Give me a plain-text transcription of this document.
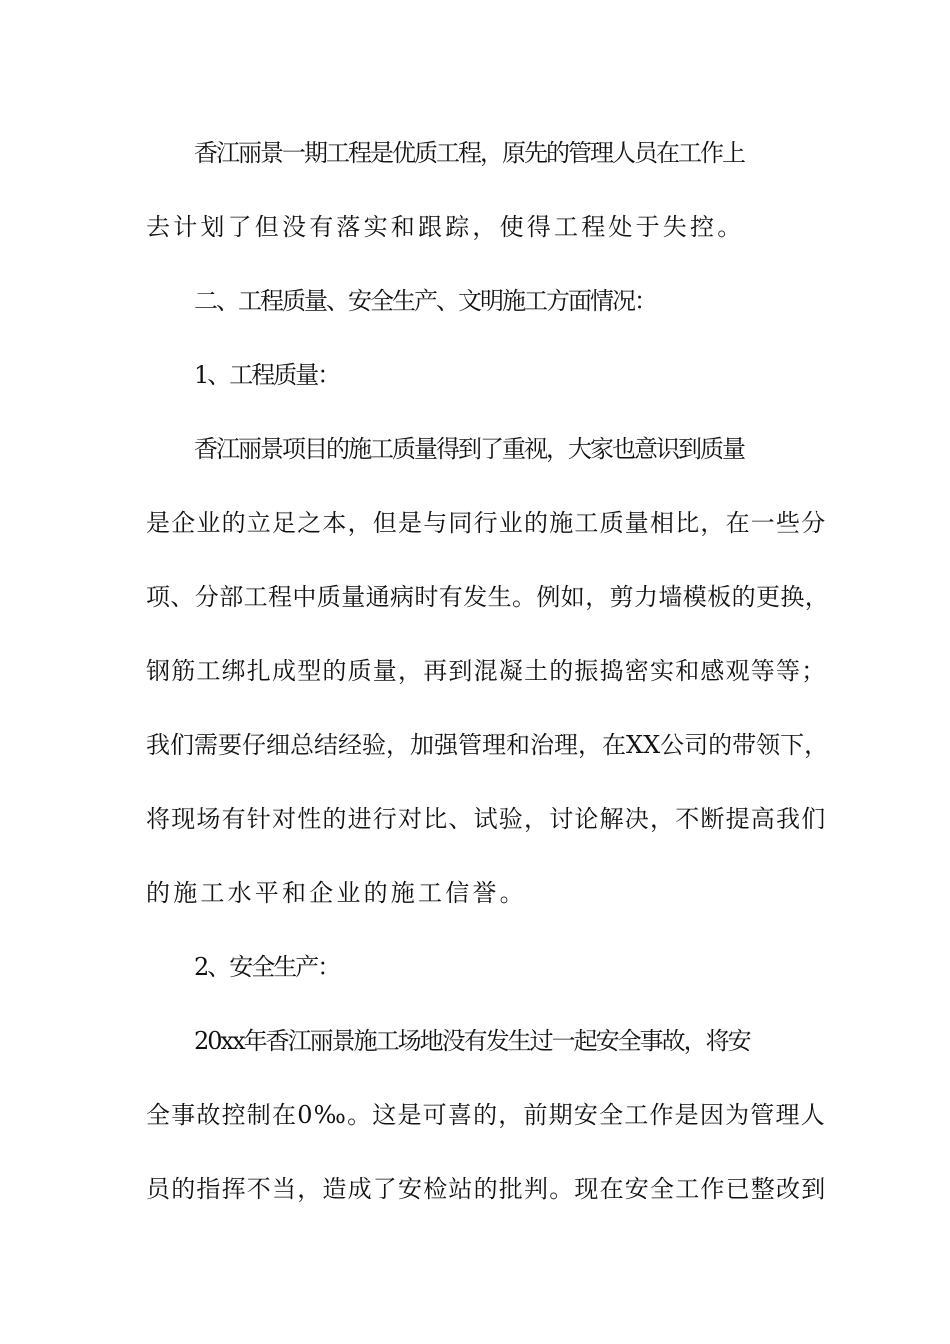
香江丽景一期工程是优质工程，原先的管理人员在工作上
去计划了但没有落实和跟踪，使得工程处于失控。
二、工程质量、安全生产、文明施工方面情况：
1、工程质量：
香江丽景项目的施工质量得到了重视，大家也意识到质量
是企业的立足之本，但是与同行业的施工质量相比，在一些分
项、分部工程中质量通病时有发生。例如，剪力墙模板的更换，
钢筋工绑扎成型的质量，再到混凝土的振捣密实和感观等等；
我们需要仔细总结经验，加强管理和治理，在XX公司的带领下，
将现场有针对性的进行对比、试验，讨论解决，不断提高我们
的施工水平和企业的施工信誉。
2、安全生产：
20xx年香江丽景施工场地没有发生过一起安全事故，将安
全事故控制在0‰。这是可喜的，前期安全工作是因为管理人
员的指挥不当，造成了安检站的批判。现在安全工作已整改到
